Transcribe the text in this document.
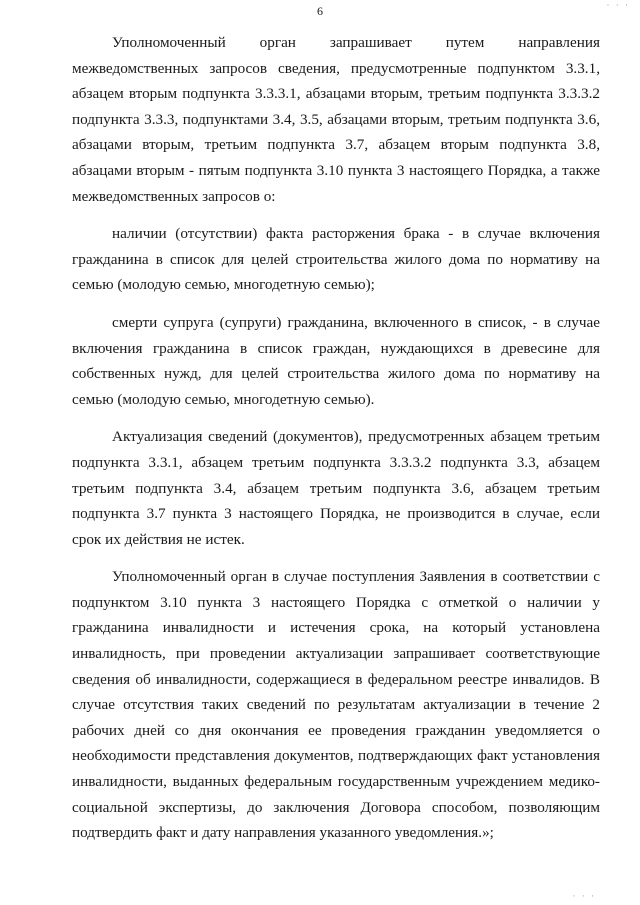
· · ·
6

Уполномоченный орган запрашивает путем направления
межведомственных запросов сведения, предусмотренные подпунктом 3.3.1,
абзацем вторым подпункта 3.3.3.1, абзацами вторым, третьим подпункта 3.3.3.2
подпункта 3.3.3, подпунктами 3.4, 3.5, абзацами вторым, третьим подпункта 3.6,
абзацами вторым, третьим подпункта 3.7, абзацем вторым подпункта 3.8,
абзацами вторым - пятым подпункта 3.10 пункта 3 настоящего Порядка, а также
межведомственных запросов о:

наличии (отсутствии) факта расторжения брака - в случае включения
гражданина в список для целей строительства жилого дома по нормативу на
семью (молодую семью, многодетную семью);

смерти супруга (супруги) гражданина, включенного в список, - в случае
включения гражданина в список граждан, нуждающихся в древесине для
собственных нужд, для целей строительства жилого дома по нормативу на
семью (молодую семью, многодетную семью).

Актуализация сведений (документов), предусмотренных абзацем третьим
подпункта 3.3.1, абзацем третьим подпункта 3.3.3.2 подпункта 3.3, абзацем
третьим подпункта 3.4, абзацем третьим подпункта 3.6, абзацем третьим
подпункта 3.7 пункта 3 настоящего Порядка, не производится в случае, если
срок их действия не истек.

Уполномоченный орган в случае поступления Заявления в соответствии с
подпунктом 3.10 пункта 3 настоящего Порядка с отметкой о наличии у
гражданина инвалидности и истечения срока, на который установлена
инвалидность, при проведении актуализации запрашивает соответствующие
сведения об инвалидности, содержащиеся в федеральном реестре инвалидов. В
случае отсутствия таких сведений по результатам актуализации в течение 2
рабочих дней со дня окончания ее проведения гражданин уведомляется о
необходимости представления документов, подтверждающих факт установления
инвалидности, выданных федеральным государственным учреждением медико-
социальной экспертизы, до заключения Договора способом, позволяющим
подтвердить факт и дату направления указанного уведомления.»;

· · ·
